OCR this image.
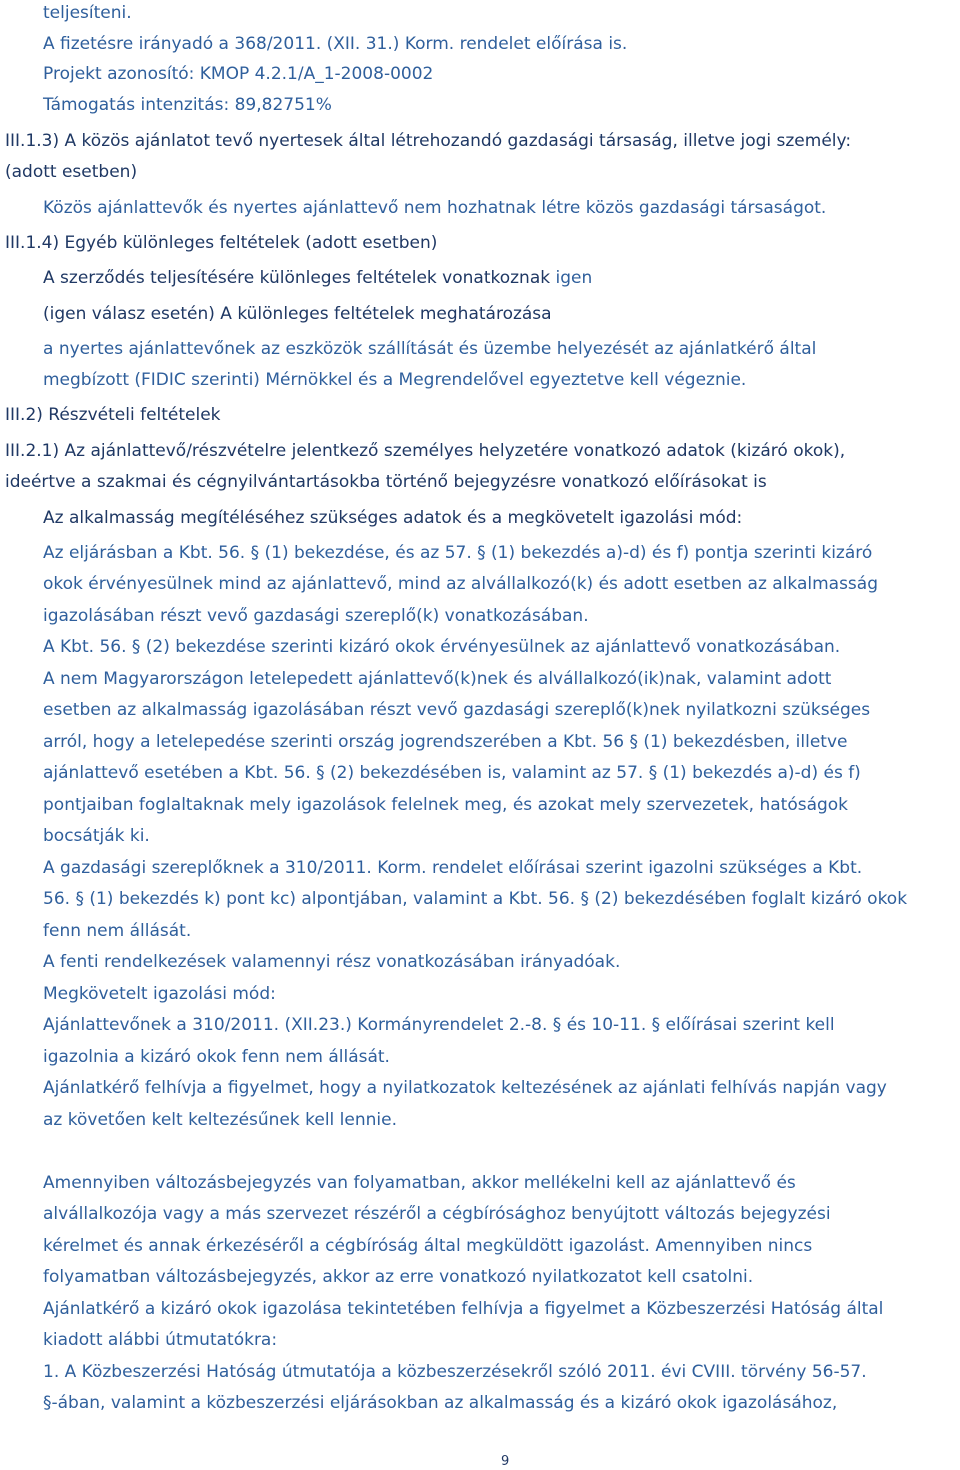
teljesíteni.
A fizetésre irányadó a 368/2011. (XII. 31.) Korm. rendelet előírása is.
Projekt azonosító: KMOP 4.2.1/A_1-2008-0002
Támogatás intenzitás: 89,82751%
III.1.3) A közös ajánlatot tevő nyertesek által létrehozandó gazdasági társaság, illetve jogi személy:
(adott esetben)
Közös ajánlattevők és nyertes ajánlattevő nem hozhatnak létre közös gazdasági társaságot.
III.1.4) Egyéb különleges feltételek (adott esetben)
A szerződés teljesítésére különleges feltételek vonatkoznak igen
(igen válasz esetén) A különleges feltételek meghatározása
a nyertes ajánlattevőnek az eszközök szállítását és üzembe helyezését az ajánlatkérő által
megbízott (FIDIC szerinti) Mérnökkel és a Megrendelővel egyeztetve kell végeznie.
III.2) Részvételi feltételek
III.2.1) Az ajánlattevő/részvételre jelentkező személyes helyzetére vonatkozó adatok (kizáró okok),
ideértve a szakmai és cégnyilvántartásokba történő bejegyzésre vonatkozó előírásokat is
Az alkalmasság megítéléséhez szükséges adatok és a megkövetelt igazolási mód:
Az eljárásban a Kbt. 56. § (1) bekezdése, és az 57. § (1) bekezdés a)-d) és f) pontja szerinti kizáró
okok érvényesülnek mind az ajánlattevő, mind az alvállalkozó(k) és adott esetben az alkalmasság
igazolásában részt vevő gazdasági szereplő(k) vonatkozásában.
A Kbt. 56. § (2) bekezdése szerinti kizáró okok érvényesülnek az ajánlattevő vonatkozásában.
A nem Magyarországon letelepedett ajánlattevő(k)nek és alvállalkozó(ik)nak, valamint adott
esetben az alkalmasság igazolásában részt vevő gazdasági szereplő(k)nek nyilatkozni szükséges
arról, hogy a letelepedése szerinti ország jogrendszerében a Kbt. 56 § (1) bekezdésben, illetve
ajánlattevő esetében a Kbt. 56. § (2) bekezdésében is, valamint az 57. § (1) bekezdés a)-d) és f)
pontjaiban foglaltaknak mely igazolások felelnek meg, és azokat mely szervezetek, hatóságok
bocsátják ki.
A gazdasági szereplőknek a 310/2011. Korm. rendelet előírásai szerint igazolni szükséges a Kbt.
56. § (1) bekezdés k) pont kc) alpontjában, valamint a Kbt. 56. § (2) bekezdésében foglalt kizáró okok
fenn nem állását.
A fenti rendelkezések valamennyi rész vonatkozásában irányadóak.
Megkövetelt igazolási mód:
Ajánlattevőnek a 310/2011. (XII.23.) Kormányrendelet 2.-8. § és 10-11. § előírásai szerint kell
igazolnia a kizáró okok fenn nem állását.
Ajánlatkérő felhívja a figyelmet, hogy a nyilatkozatok keltezésének az ajánlati felhívás napján vagy
az követően kelt keltezésűnek kell lennie.
Amennyiben változásbejegyzés van folyamatban, akkor mellékelni kell az ajánlattevő és
alvállalkozója vagy a más szervezet részéről a cégbírósághoz benyújtott változás bejegyzési
kérelmet és annak érkezéséről a cégbíróság által megküldött igazolást. Amennyiben nincs
folyamatban változásbejegyzés, akkor az erre vonatkozó nyilatkozatot kell csatolni.
Ajánlatkérő a kizáró okok igazolása tekintetében felhívja a figyelmet a Közbeszerzési Hatóság által
kiadott alábbi útmutatókra:
1. A Közbeszerzési Hatóság útmutatója a közbeszerzésekről szóló 2011. évi CVIII. törvény 56-57.
§-ában, valamint a közbeszerzési eljárásokban az alkalmasság és a kizáró okok igazolásához,
9
